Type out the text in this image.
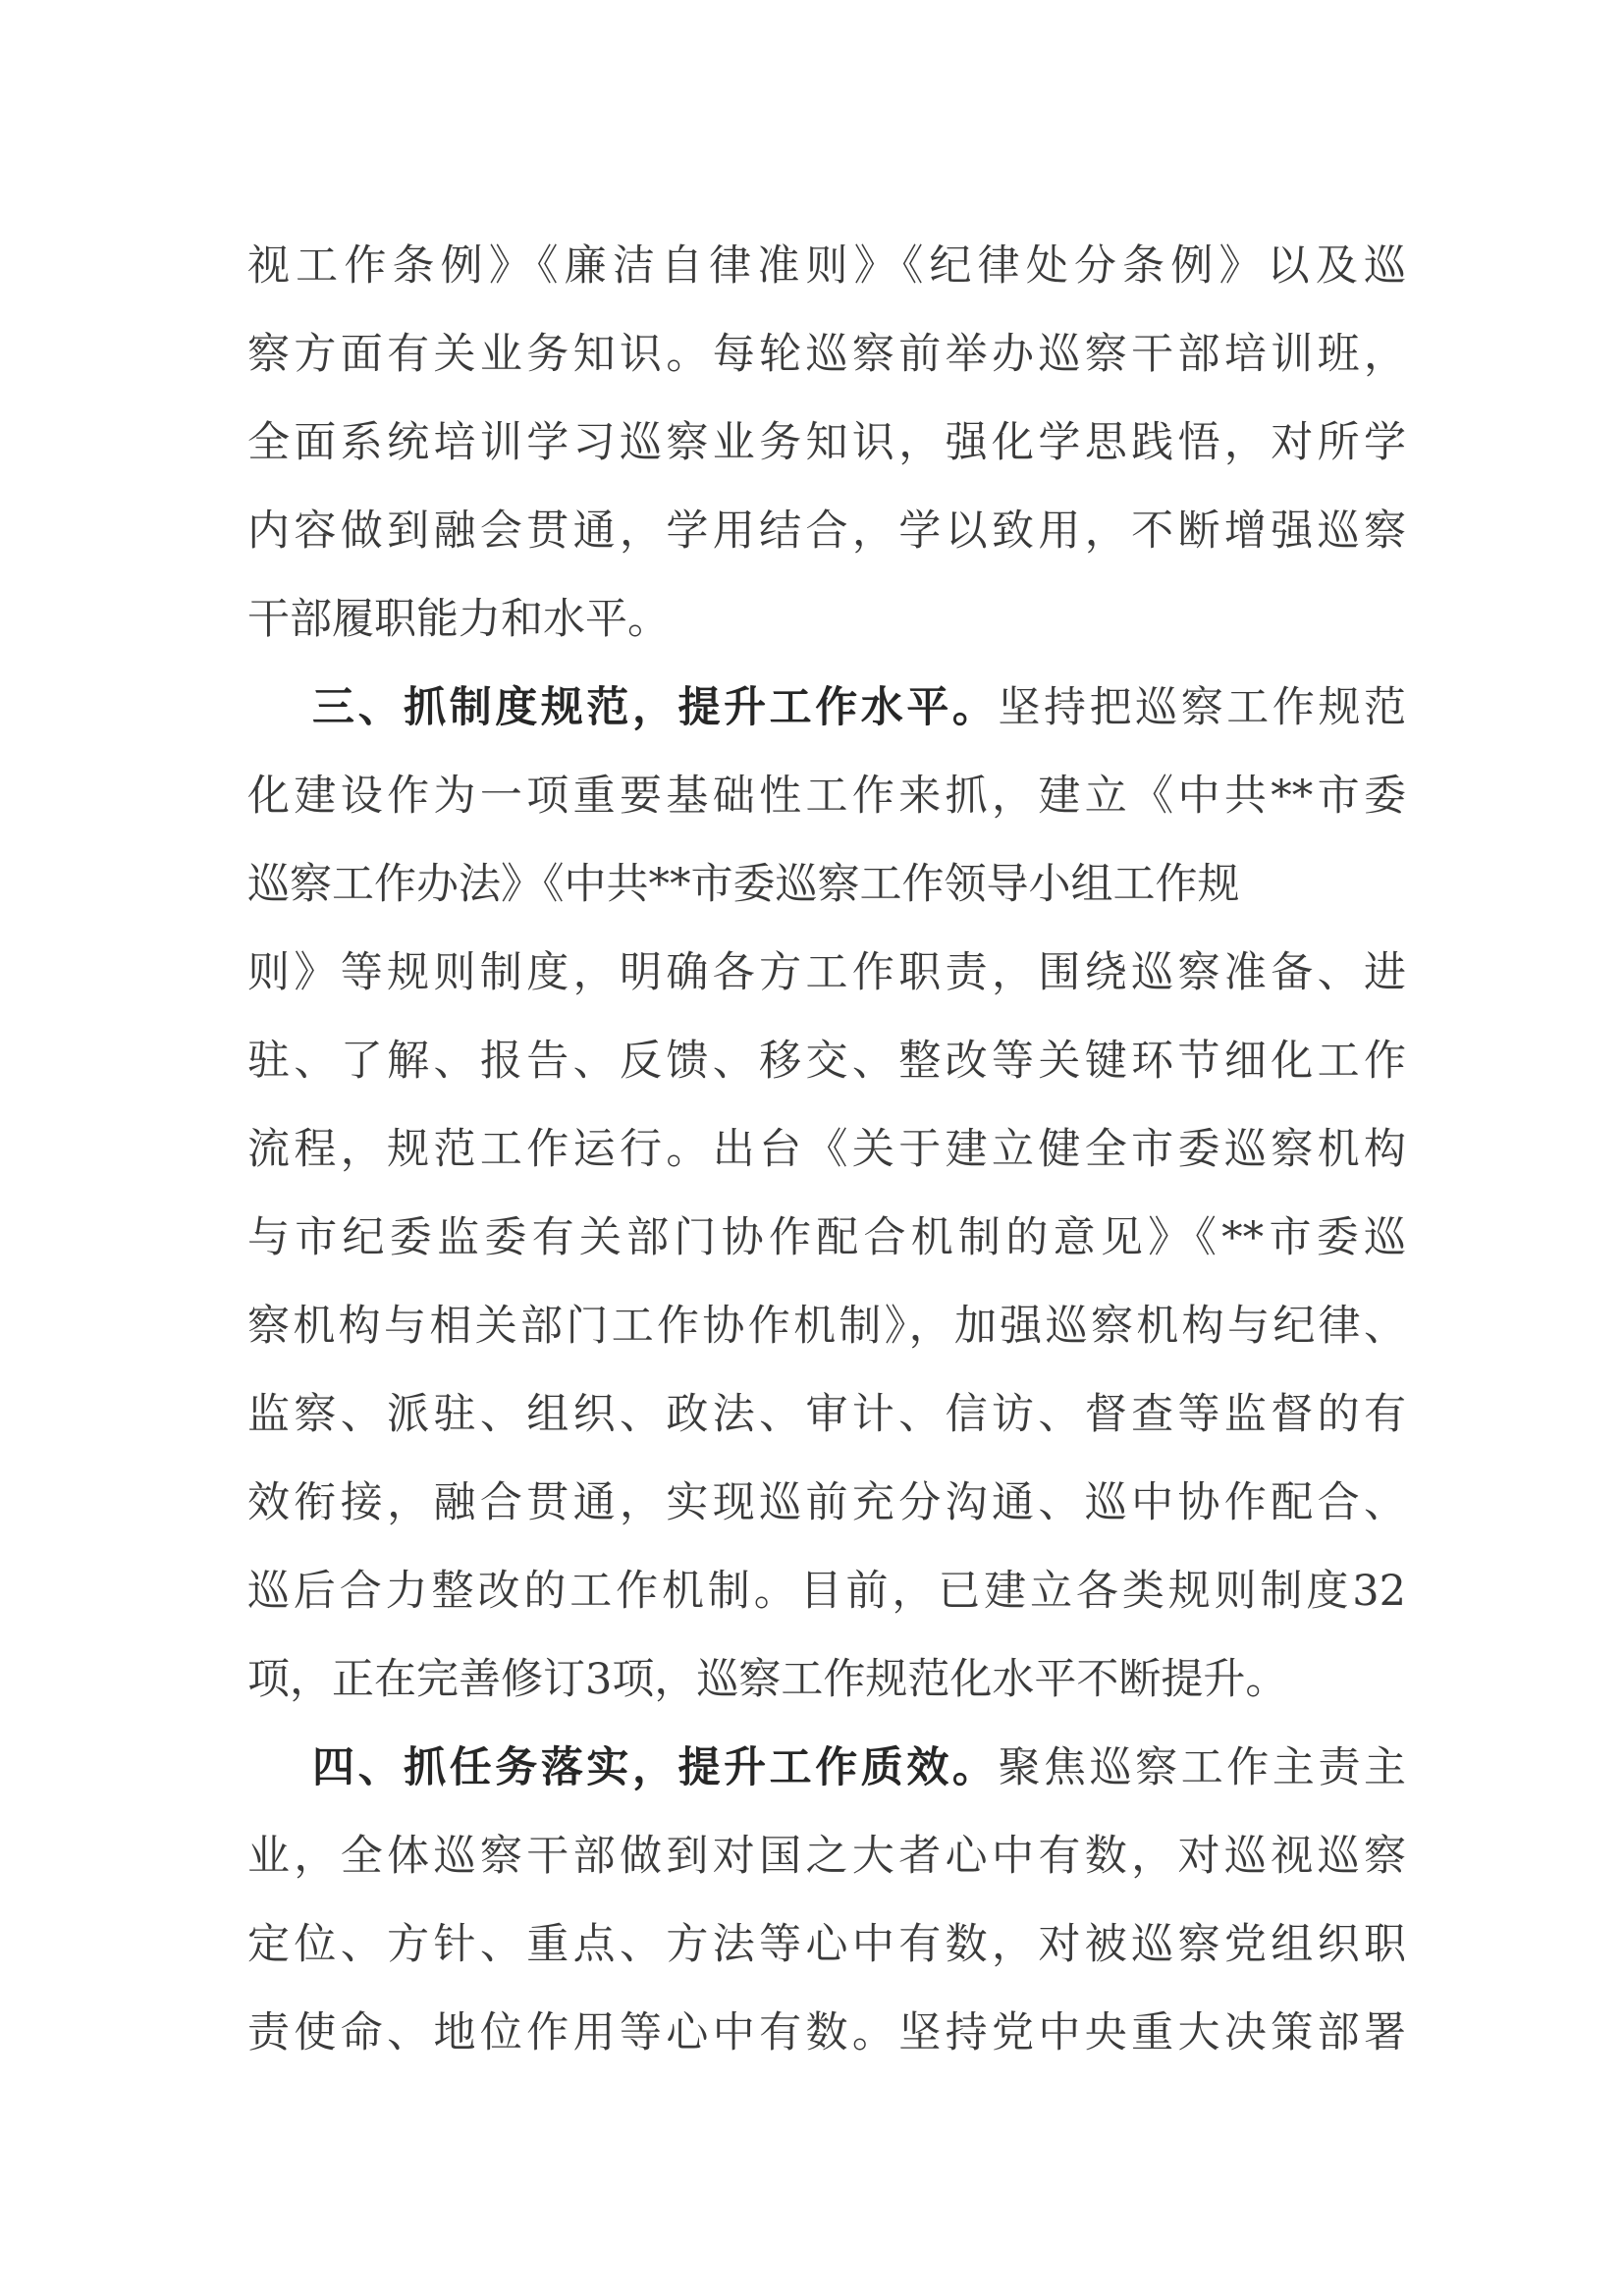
视工作条例》《廉洁自律准则》《纪律处分条例》以及巡
察方面有关业务知识。每轮巡察前举办巡察干部培训班，
全面系统培训学习巡察业务知识，强化学思践悟，对所学
内容做到融会贯通，学用结合，学以致用，不断增强巡察
干部履职能力和水平。
三、抓制度规范，提升工作水平。坚持把巡察工作规范
化建设作为一项重要基础性工作来抓，建立《中共**市委
巡察工作办法》《中共**市委巡察工作领导小组工作规
则》等规则制度，明确各方工作职责，围绕巡察准备、进
驻、了解、报告、反馈、移交、整改等关键环节细化工作
流程，规范工作运行。出台《关于建立健全市委巡察机构
与市纪委监委有关部门协作配合机制的意见》《**市委巡
察机构与相关部门工作协作机制》，加强巡察机构与纪律、
监察、派驻、组织、政法、审计、信访、督查等监督的有
效衔接，融合贯通，实现巡前充分沟通、巡中协作配合、
巡后合力整改的工作机制。目前，已建立各类规则制度32
项，正在完善修订3项，巡察工作规范化水平不断提升。
四、抓任务落实，提升工作质效。聚焦巡察工作主责主
业，全体巡察干部做到对国之大者心中有数，对巡视巡察
定位、方针、重点、方法等心中有数，对被巡察党组织职
责使命、地位作用等心中有数。坚持党中央重大决策部署
